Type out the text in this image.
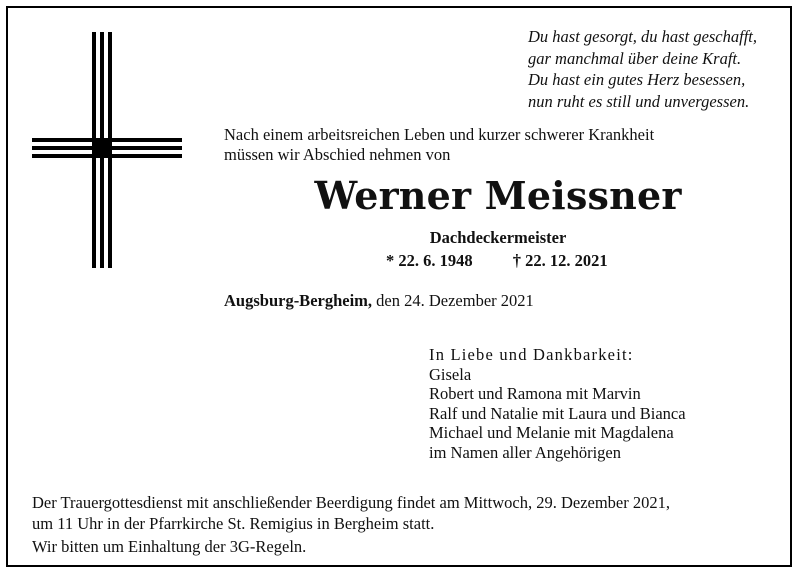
Du hast gesorgt, du hast geschafft,
gar manchmal über deine Kraft.
Du hast ein gutes Herz besessen,
nun ruht es still und unvergessen.
Nach einem arbeitsreichen Leben und kurzer schwerer Krankheit
müssen wir Abschied nehmen von
Werner Meissner
Dachdeckermeister
* 22. 6. 1948 † 22. 12. 2021
Augsburg-Bergheim, den 24. Dezember 2021
In Liebe und Dankbarkeit:
Gisela
Robert und Ramona mit Marvin
Ralf und Natalie mit Laura und Bianca
Michael und Melanie mit Magdalena
im Namen aller Angehörigen
Der Trauergottesdienst mit anschließender Beerdigung findet am Mittwoch, 29. Dezember 2021,
um 11 Uhr in der Pfarrkirche St. Remigius in Bergheim statt.
Wir bitten um Einhaltung der 3G-Regeln.
